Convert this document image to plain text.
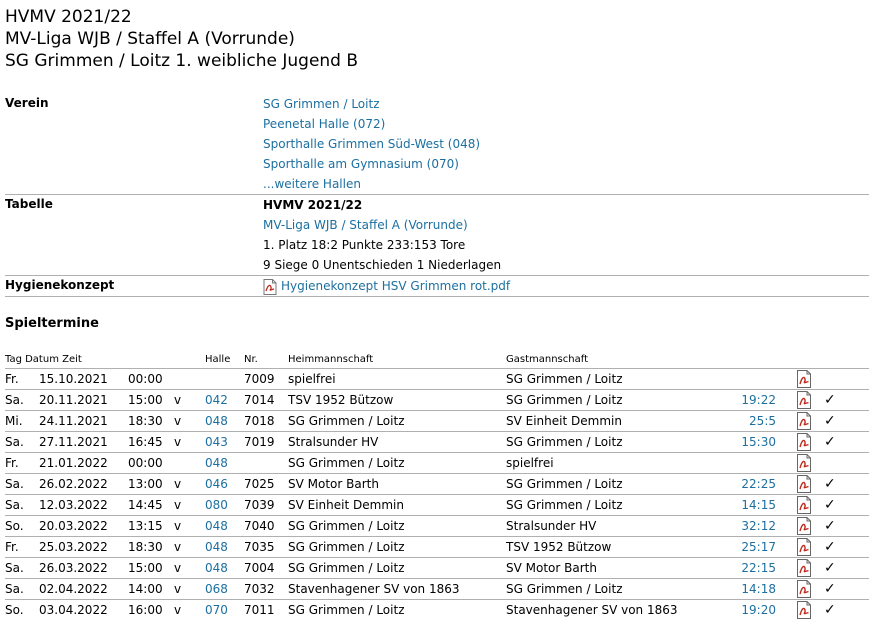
HVMV 2021/22
MV-Liga WJB / Staffel A (Vorrunde)
SG Grimmen / Loitz 1. weibliche Jugend B
Verein	SG Grimmen / Loitz
Peenetal Halle (072)
Sporthalle Grimmen Süd-West (048)
Sporthalle am Gymnasium (070)
...weitere Hallen
Tabelle	HVMV 2021/22
MV-Liga WJB / Staffel A (Vorrunde)
1. Platz 18:2 Punkte 233:153 Tore
9 Siege 0 Unentschieden 1 Niederlagen
Hygienekonzept	Hygienekonzept HSV Grimmen rot.pdf
Spieltermine
Tag Datum Zeit				Halle	Nr.	Heimmannschaft	Gastmannschaft			
Fr.	15.10.2021	00:00			7009	spielfrei	SG Grimmen / Loitz			
Sa.	20.11.2021	15:00	v	042	7014	TSV 1952 Bützow	SG Grimmen / Loitz	19:22		✓
Mi.	24.11.2021	18:30	v	048	7018	SG Grimmen / Loitz	SV Einheit Demmin	25:5		✓
Sa.	27.11.2021	16:45	v	043	7019	Stralsunder HV	SG Grimmen / Loitz	15:30		✓
Fr.	21.01.2022	00:00		048		SG Grimmen / Loitz	spielfrei			
Sa.	26.02.2022	13:00	v	046	7025	SV Motor Barth	SG Grimmen / Loitz	22:25		✓
Sa.	12.03.2022	14:45	v	080	7039	SV Einheit Demmin	SG Grimmen / Loitz	14:15		✓
So.	20.03.2022	13:15	v	048	7040	SG Grimmen / Loitz	Stralsunder HV	32:12		✓
Fr.	25.03.2022	18:30	v	048	7035	SG Grimmen / Loitz	TSV 1952 Bützow	25:17		✓
Sa.	26.03.2022	15:00	v	048	7004	SG Grimmen / Loitz	SV Motor Barth	22:15		✓
Sa.	02.04.2022	14:00	v	068	7032	Stavenhagener SV von 1863	SG Grimmen / Loitz	14:18		✓
So.	03.04.2022	16:00	v	070	7011	SG Grimmen / Loitz	Stavenhagener SV von 1863	19:20		✓
